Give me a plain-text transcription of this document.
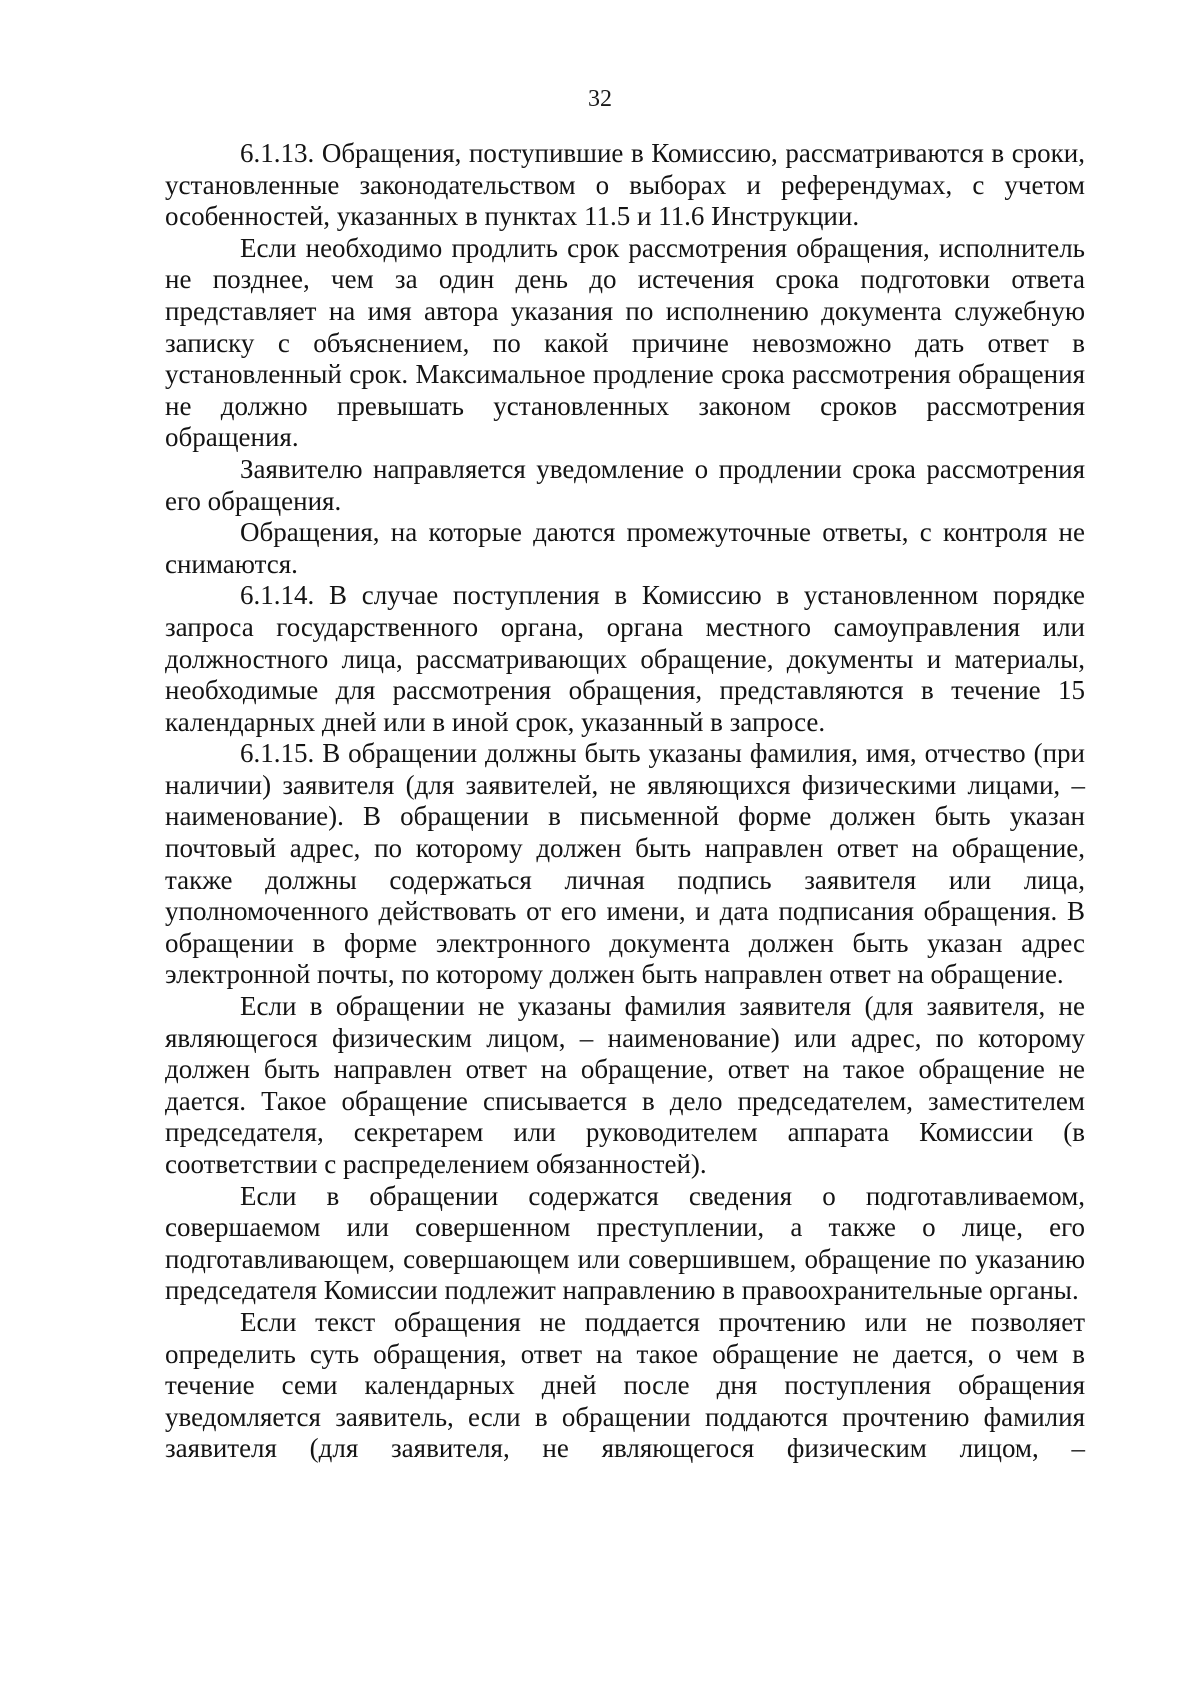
32

6.1.13. Обращения, поступившие в Комиссию, рассматриваются в сроки, установленные законодательством о выборах и референдумах, с учетом особенностей, указанных в пунктах 11.5 и 11.6 Инструкции.

Если необходимо продлить срок рассмотрения обращения, исполнитель не позднее, чем за один день до истечения срока подготовки ответа представляет на имя автора указания по исполнению документа служебную записку с объяснением, по какой причине невозможно дать ответ в установленный срок. Максимальное продление срока рассмотрения обращения не должно превышать установленных законом сроков рассмотрения обращения.

Заявителю направляется уведомление о продлении срока рассмотрения его обращения.

Обращения, на которые даются промежуточные ответы, с контроля не снимаются.

6.1.14. В случае поступления в Комиссию в установленном порядке запроса государственного органа, органа местного самоуправления или должностного лица, рассматривающих обращение, документы и материалы, необходимые для рассмотрения обращения, представляются в течение 15 календарных дней или в иной срок, указанный в запросе.

6.1.15. В обращении должны быть указаны фамилия, имя, отчество (при наличии) заявителя (для заявителей, не являющихся физическими лицами, – наименование). В обращении в письменной форме должен быть указан почтовый адрес, по которому должен быть направлен ответ на обращение, также должны содержаться личная подпись заявителя или лица, уполномоченного действовать от его имени, и дата подписания обращения. В обращении в форме электронного документа должен быть указан адрес электронной почты, по которому должен быть направлен ответ на обращение.

Если в обращении не указаны фамилия заявителя (для заявителя, не являющегося физическим лицом, – наименование) или адрес, по которому должен быть направлен ответ на обращение, ответ на такое обращение не дается. Такое обращение списывается в дело председателем, заместителем председателя, секретарем или руководителем аппарата Комиссии (в соответствии с распределением обязанностей).

Если в обращении содержатся сведения о подготавливаемом, совершаемом или совершенном преступлении, а также о лице, его подготавливающем, совершающем или совершившем, обращение по указанию председателя Комиссии подлежит направлению в правоохранительные органы.

Если текст обращения не поддается прочтению или не позволяет определить суть обращения, ответ на такое обращение не дается, о чем в течение семи календарных дней после дня поступления обращения уведомляется заявитель, если в обращении поддаются прочтению фамилия заявителя (для заявителя, не являющегося физическим лицом, –
